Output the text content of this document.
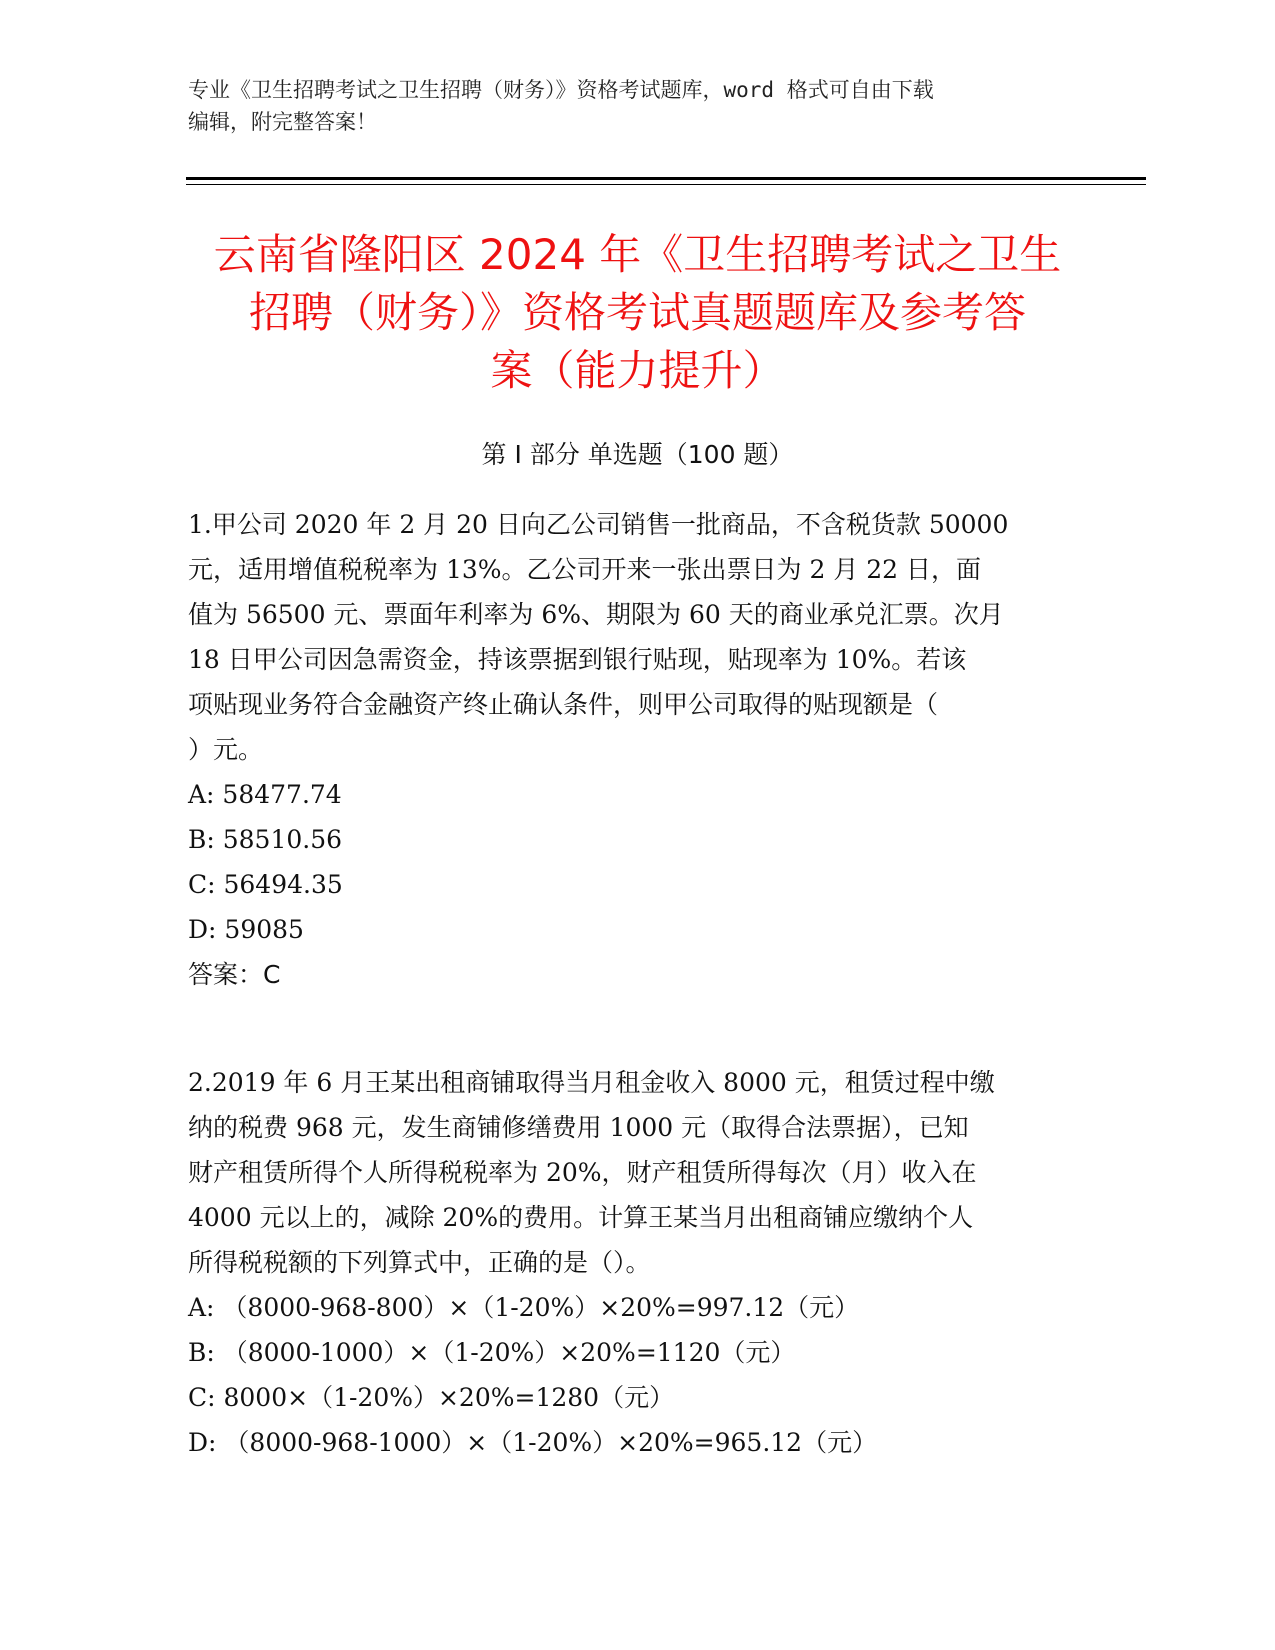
专业《卫生招聘考试之卫生招聘（财务）》资格考试题库，word 格式可自由下载
编辑，附完整答案！
云南省隆阳区 2024 年《卫生招聘考试之卫生
招聘（财务）》资格考试真题题库及参考答
案（能力提升）
第 I 部分 单选题（100 题）
1.甲公司 2020 年 2 月 20 日向乙公司销售一批商品，不含税货款 50000
元，适用增值税税率为 13%。乙公司开来一张出票日为 2 月 22 日，面
值为 56500 元、票面年利率为 6%、期限为 60 天的商业承兑汇票。次月
18 日甲公司因急需资金，持该票据到银行贴现，贴现率为 10%。若该
项贴现业务符合金融资产终止确认条件，则甲公司取得的贴现额是（
）元。
A: 58477.74
B: 58510.56
C: 56494.35
D: 59085
答案：C
2.2019 年 6 月王某出租商铺取得当月租金收入 8000 元，租赁过程中缴
纳的税费 968 元，发生商铺修缮费用 1000 元（取得合法票据），已知
财产租赁所得个人所得税税率为 20%，财产租赁所得每次（月）收入在
4000 元以上的，减除 20%的费用。计算王某当月出租商铺应缴纳个人
所得税税额的下列算式中，正确的是（）。
A: （8000-968-800）×（1-20%）×20%=997.12（元）
B: （8000-1000）×（1-20%）×20%=1120（元）
C: 8000×（1-20%）×20%=1280（元）
D: （8000-968-1000）×（1-20%）×20%=965.12（元）
